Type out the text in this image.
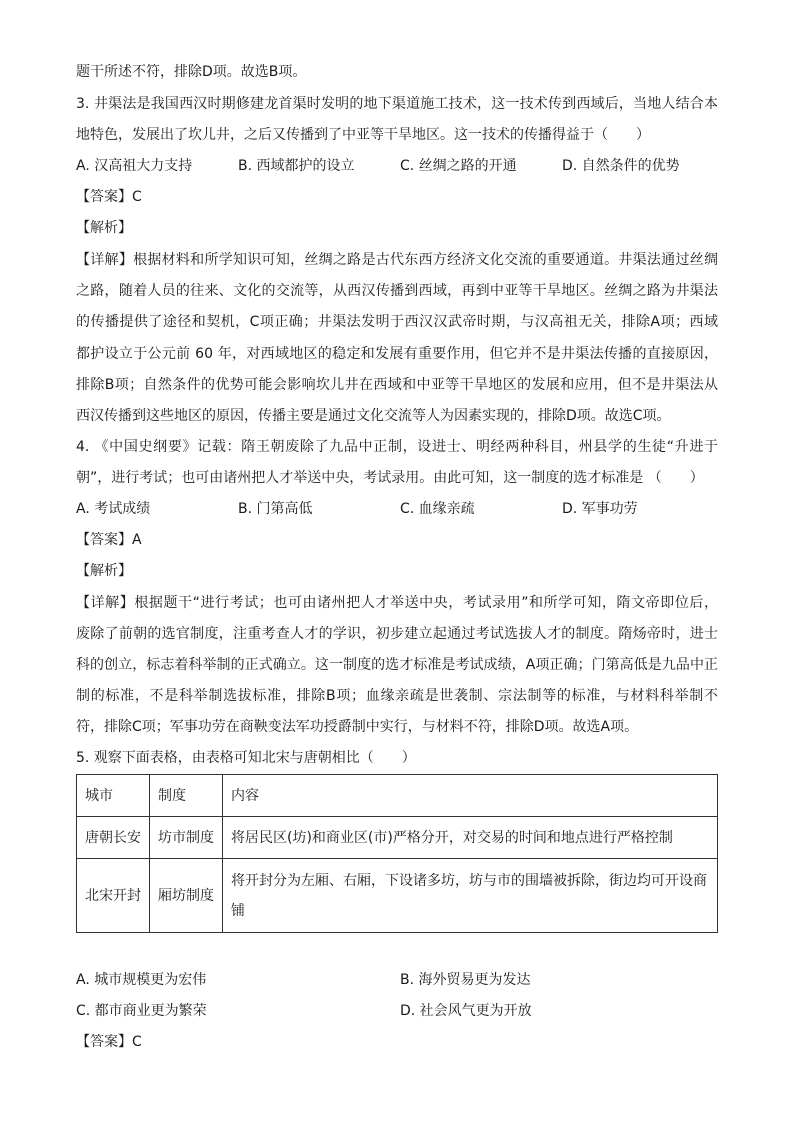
题干所述不符，排除D项。故选B项。
3. 井渠法是我国西汉时期修建龙首渠时发明的地下渠道施工技术，这一技术传到西域后，当地人结合本
地特色，发展出了坎儿井，之后又传播到了中亚等干旱地区。这一技术的传播得益于（　　）
A. 汉高祖大力支持	B. 西域都护的设立	C. 丝绸之路的开通	D. 自然条件的优势
【答案】C
【解析】
【详解】根据材料和所学知识可知，丝绸之路是古代东西方经济文化交流的重要通道。井渠法通过丝绸
之路，随着人员的往来、文化的交流等，从西汉传播到西域，再到中亚等干旱地区。丝绸之路为井渠法
的传播提供了途径和契机，C项正确；井渠法发明于西汉汉武帝时期，与汉高祖无关，排除A项；西域
都护设立于公元前 60 年，对西域地区的稳定和发展有重要作用，但它并不是井渠法传播的直接原因，
排除B项；自然条件的优势可能会影响坎儿井在西域和中亚等干旱地区的发展和应用，但不是井渠法从
西汉传播到这些地区的原因，传播主要是通过文化交流等人为因素实现的，排除D项。故选C项。
4. 《中国史纲要》记载：隋王朝废除了九品中正制，设进士、明经两种科目，州县学的生徒“升进于
朝”，进行考试；也可由诸州把人才举送中央，考试录用。由此可知，这一制度的选才标准是 （　　）
A. 考试成绩	B. 门第高低	C. 血缘亲疏	D. 军事功劳
【答案】A
【解析】
【详解】根据题干“进行考试；也可由诸州把人才举送中央，考试录用”和所学可知，隋文帝即位后，
废除了前朝的选官制度，注重考查人才的学识，初步建立起通过考试选拔人才的制度。隋炀帝时，进士
科的创立，标志着科举制的正式确立。这一制度的选才标准是考试成绩，A项正确；门第高低是九品中正
制的标准，不是科举制选拔标准，排除B项；血缘亲疏是世袭制、宗法制等的标准，与材料科举制不
符，排除C项；军事功劳在商鞅变法军功授爵制中实行，与材料不符，排除D项。故选A项。
5. 观察下面表格，由表格可知北宋与唐朝相比（　　）
城市	制度	内容
唐朝长安	坊市制度	将居民区(坊)和商业区(市)严格分开，对交易的时间和地点进行严格控制
北宋开封	厢坊制度	将开封分为左厢、右厢，下设诸多坊，坊与市的围墙被拆除，街边均可开设商铺
A. 城市规模更为宏伟	B. 海外贸易更为发达
C. 都市商业更为繁荣	D. 社会风气更为开放
【答案】C
